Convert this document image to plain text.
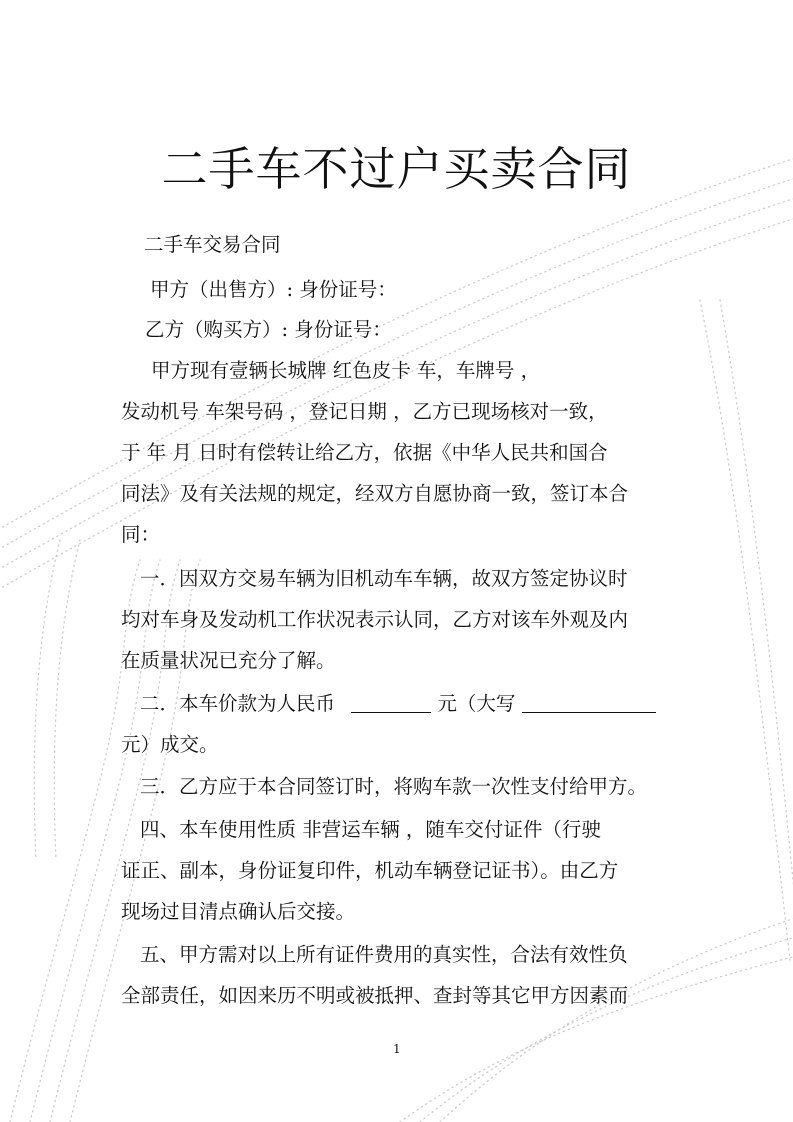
二手车不过户买卖合同
二手车交易合同
甲方（出售方）: 身份证号：
乙方（购买方）: 身份证号：
甲方现有壹辆长城牌 红色皮卡 车，车牌号 ，
发动机号 车架号码 ，登记日期 ，乙方已现场核对一致，
于 年 月 日时有偿转让给乙方，依据《中华人民共和国合
同法》及有关法规的规定，经双方自愿协商一致，签订本合
同：
一．因双方交易车辆为旧机动车车辆，故双方签定协议时
均对车身及发动机工作状况表示认同，乙方对该车外观及内
在质量状况已充分了解。
二．本车价款为人民币	元（大写
元）成交。
三．乙方应于本合同签订时，将购车款一次性支付给甲方。
四、本车使用性质 非营运车辆 ，随车交付证件（行驶
证正、副本，身份证复印件，机动车辆登记证书）。由乙方
现场过目清点确认后交接。
五、甲方需对以上所有证件费用的真实性，合法有效性负
全部责任，如因来历不明或被抵押、查封等其它甲方因素而
1
